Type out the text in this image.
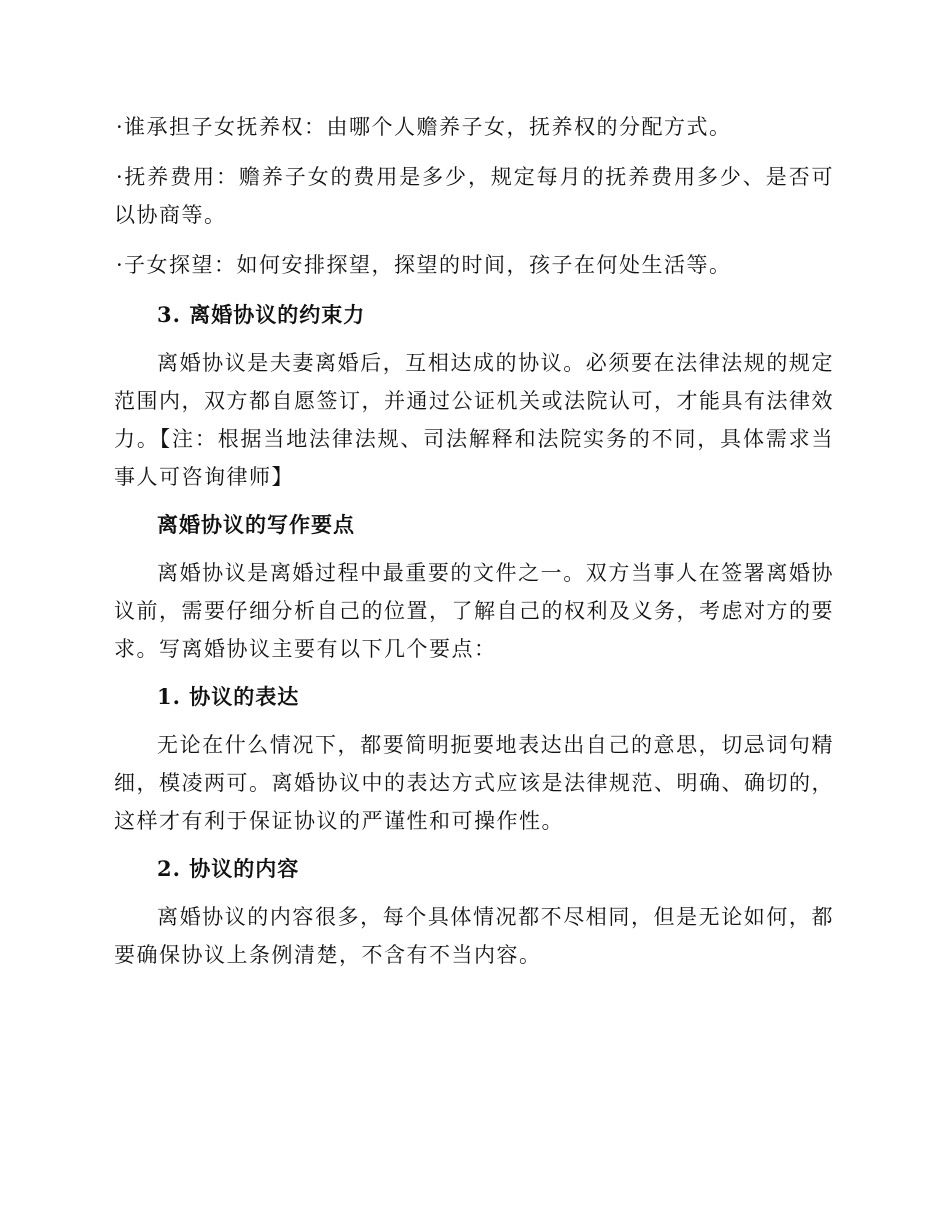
·谁承担子女抚养权：由哪个人赡养子女，抚养权的分配方式。

·抚养费用：赡养子女的费用是多少，规定每月的抚养费用多少、是否可以协商等。

·子女探望：如何安排探望，探望的时间，孩子在何处生活等。

3. 离婚协议的约束力

离婚协议是夫妻离婚后，互相达成的协议。必须要在法律法规的规定范围内，双方都自愿签订，并通过公证机关或法院认可，才能具有法律效力。【注：根据当地法律法规、司法解释和法院实务的不同，具体需求当事人可咨询律师】

离婚协议的写作要点

离婚协议是离婚过程中最重要的文件之一。双方当事人在签署离婚协议前，需要仔细分析自己的位置，了解自己的权利及义务，考虑对方的要求。写离婚协议主要有以下几个要点：

1. 协议的表达

无论在什么情况下，都要简明扼要地表达出自己的意思，切忌词句精细，模凌两可。离婚协议中的表达方式应该是法律规范、明确、确切的，这样才有利于保证协议的严谨性和可操作性。

2. 协议的内容

离婚协议的内容很多，每个具体情况都不尽相同，但是无论如何，都要确保协议上条例清楚，不含有不当内容。
